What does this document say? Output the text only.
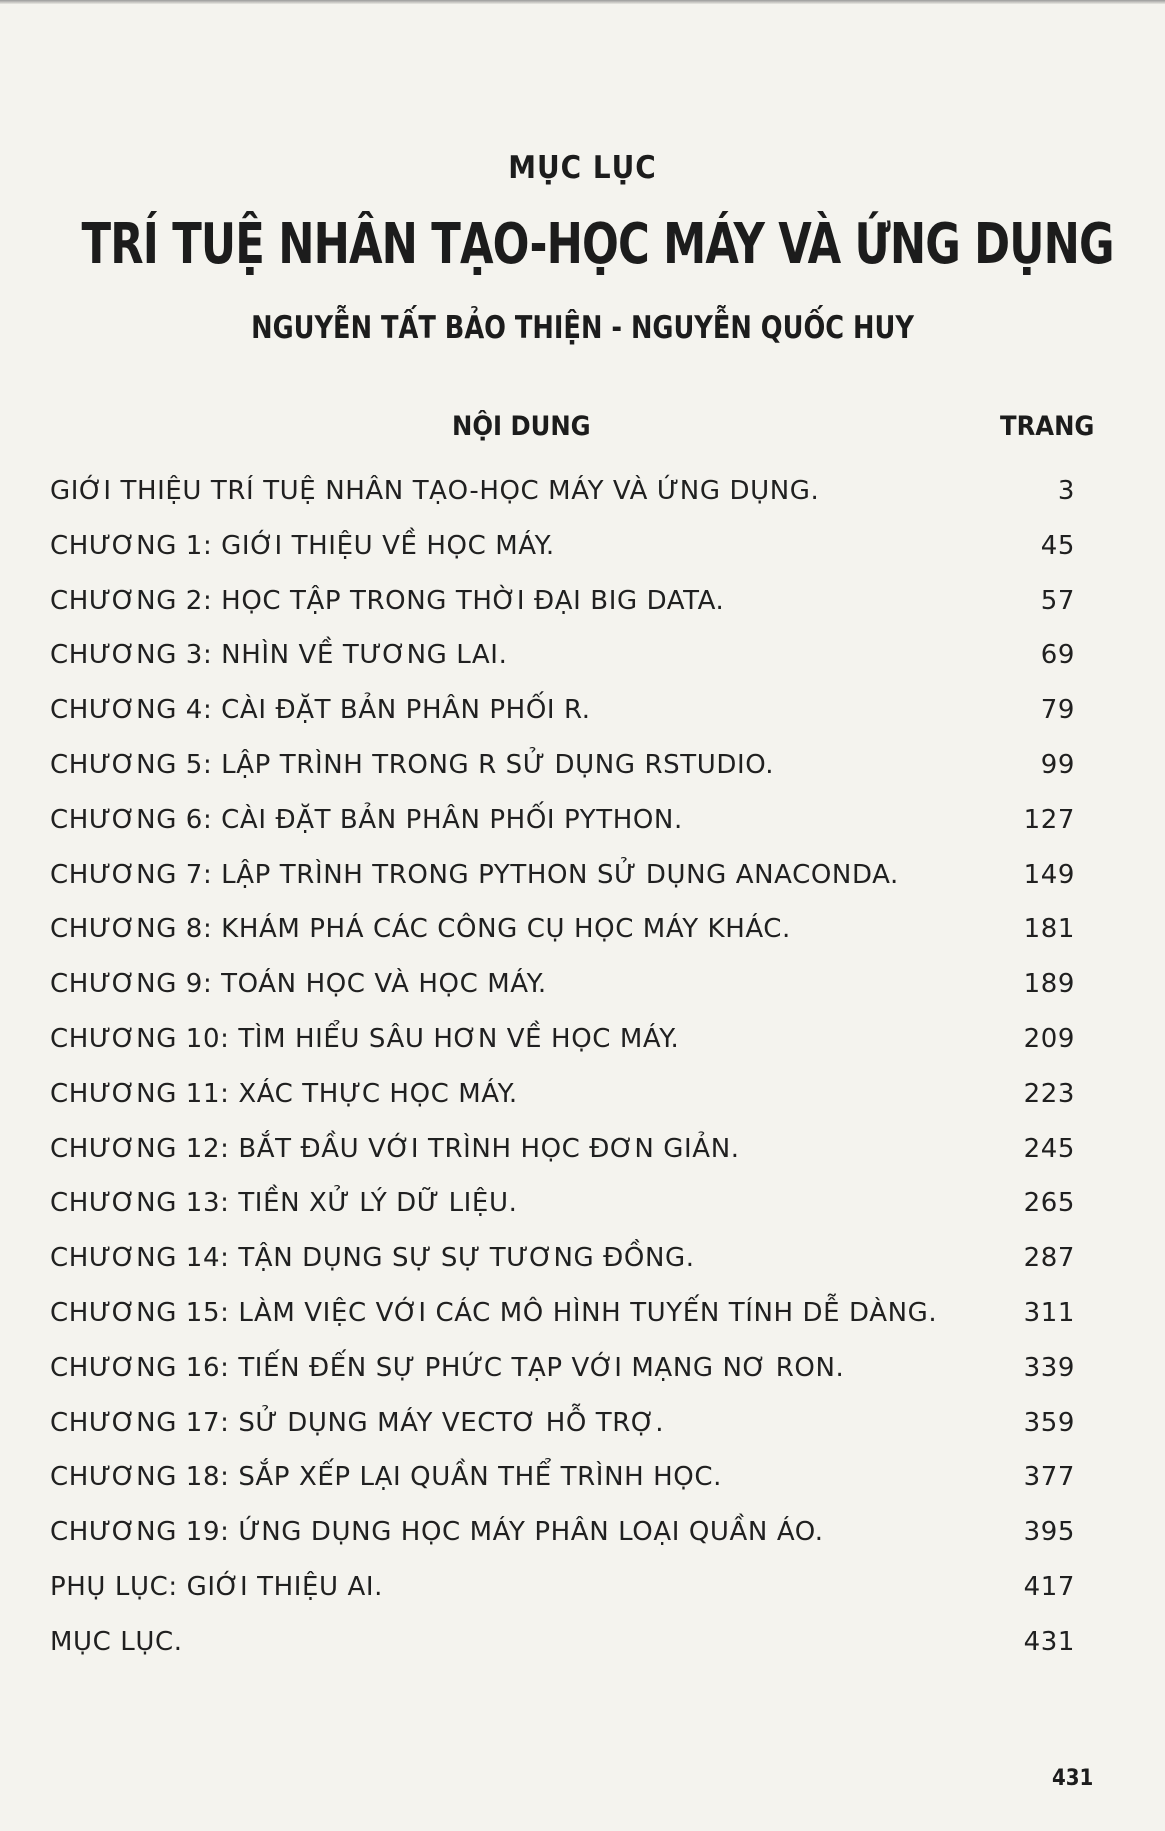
MỤC LỤC
TRÍ TUỆ NHÂN TẠO-HỌC MÁY VÀ ỨNG DỤNG
NGUYỄN TẤT BẢO THIỆN - NGUYỄN QUỐC HUY
NỘI DUNG	TRANG
GIỚI THIỆU TRÍ TUỆ NHÂN TẠO-HỌC MÁY VÀ ỨNG DỤNG.	3
CHƯƠNG 1: GIỚI THIỆU VỀ HỌC MÁY.	45
CHƯƠNG 2: HỌC TẬP TRONG THỜI ĐẠI BIG DATA.	57
CHƯƠNG 3: NHÌN VỀ TƯƠNG LAI.	69
CHƯƠNG 4: CÀI ĐẶT BẢN PHÂN PHỐI R.	79
CHƯƠNG 5: LẬP TRÌNH TRONG R SỬ DỤNG RSTUDIO.	99
CHƯƠNG 6: CÀI ĐẶT BẢN PHÂN PHỐI PYTHON.	127
CHƯƠNG 7: LẬP TRÌNH TRONG PYTHON SỬ DỤNG ANACONDA.	149
CHƯƠNG 8: KHÁM PHÁ CÁC CÔNG CỤ HỌC MÁY KHÁC.	181
CHƯƠNG 9: TOÁN HỌC VÀ HỌC MÁY.	189
CHƯƠNG 10: TÌM HIỂU SÂU HƠN VỀ HỌC MÁY.	209
CHƯƠNG 11: XÁC THỰC HỌC MÁY.	223
CHƯƠNG 12: BẮT ĐẦU VỚI TRÌNH HỌC ĐƠN GIẢN.	245
CHƯƠNG 13: TIỀN XỬ LÝ DỮ LIỆU.	265
CHƯƠNG 14: TẬN DỤNG SỰ SỰ TƯƠNG ĐỒNG.	287
CHƯƠNG 15: LÀM VIỆC VỚI CÁC MÔ HÌNH TUYẾN TÍNH DỄ DÀNG.	311
CHƯƠNG 16: TIẾN ĐẾN SỰ PHỨC TẠP VỚI MẠNG NƠ RON.	339
CHƯƠNG 17: SỬ DỤNG MÁY VECTƠ HỖ TRỢ.	359
CHƯƠNG 18: SẮP XẾP LẠI QUẦN THỂ TRÌNH HỌC.	377
CHƯƠNG 19: ỨNG DỤNG HỌC MÁY PHÂN LOẠI QUẦN ÁO.	395
PHỤ LỤC: GIỚI THIỆU AI.	417
MỤC LỤC.	431
431
